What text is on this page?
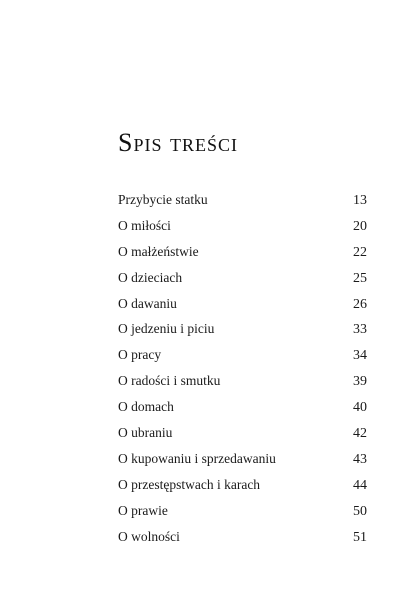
Spis treści
Przybycie statku	13
O miłości	20
O małżeństwie	22
O dzieciach	25
O dawaniu	26
O jedzeniu i piciu	33
O pracy	34
O radości i smutku	39
O domach	40
O ubraniu	42
O kupowaniu i sprzedawaniu	43
O przestępstwach i karach	44
O prawie	50
O wolności	51
